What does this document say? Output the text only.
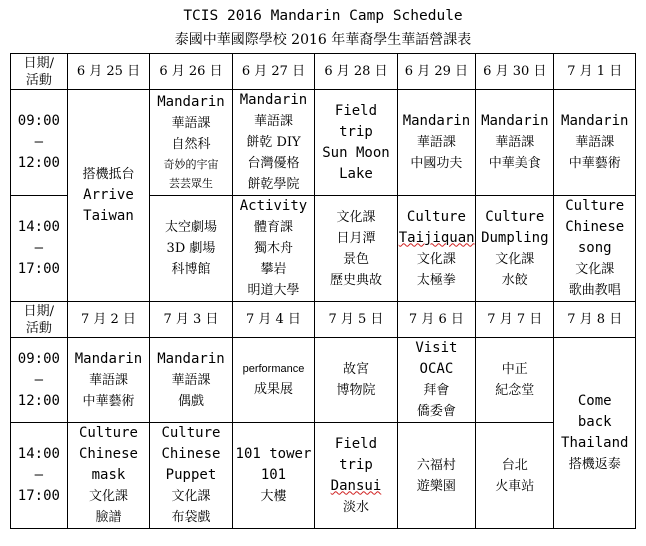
TCIS 2016 Mandarin Camp Schedule
泰國中華國際學校 2016 年華裔學生華語營課表
日期/
活動	6 月 25 日	6 月 26 日	6 月 27 日	6 月 28 日	6 月 29 日	6 月 30 日	7 月 1 日

09:00
–
12:00	搭機抵台
Arrive
Taiwan	Mandarin
華語課
自然科
奇妙的宇宙
芸芸眾生	Mandarin
華語課
餅乾 DIY
台灣優格
餅乾學院	Field
trip
Sun Moon
Lake	Mandarin
華語課
中國功夫	Mandarin
華語課
中華美食	Mandarin
華語課
中華藝術

14:00
–
17:00		太空劇場
3D 劇場
科博館	Activity
體育課
獨木舟
攀岩
明道大學	文化課
日月潭
景色
歷史典故	Culture
Taijiquan
文化課
太極拳	Culture
Dumpling
文化課
水餃	Culture
Chinese
song
文化課
歌曲教唱

日期/
活動	7 月 2 日	7 月 3 日	7 月 4 日	7 月 5 日	7 月 6 日	7 月 7 日	7 月 8 日

09:00
–
12:00	Mandarin
華語課
中華藝術	Mandarin
華語課
偶戲	performance
成果展	故宮
博物院	Visit
OCAC
拜會
僑委會	中正
紀念堂	Come
back
Thailand
搭機返泰

14:00
–
17:00	Culture
Chinese
mask
文化課
臉譜	Culture
Chinese
Puppet
文化課
布袋戲	101 tower
101
大樓	Field
trip
Dansui
淡水	六福村
遊樂園	台北
火車站	
